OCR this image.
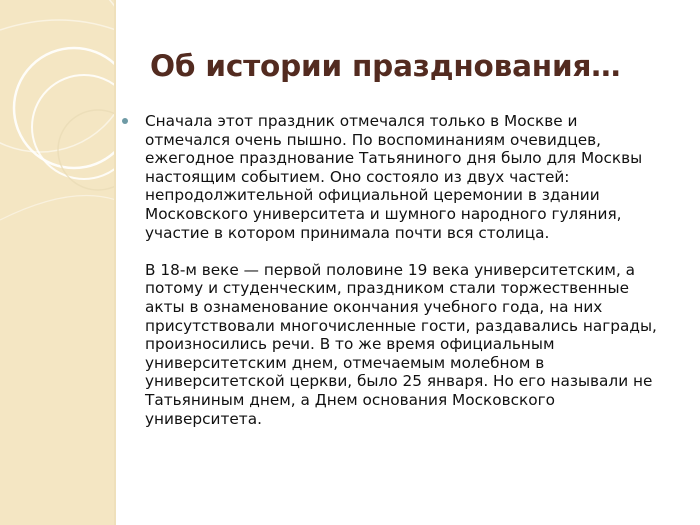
Об истории празднования…

Сначала этот праздник отмечался только в Москве и
отмечался очень пышно. По воспоминаниям очевидцев,
ежегодное празднование Татьяниного дня было для Москвы
настоящим событием. Оно состояло из двух частей:
непродолжительной официальной церемонии в здании
Московского университета и шумного народного гуляния,
участие в котором принимала почти вся столица.

В 18-м веке — первой половине 19 века университетским, а
потому и студенческим, праздником стали торжественные
акты в ознаменование окончания учебного года, на них
присутствовали многочисленные гости, раздавались награды,
произносились речи. В то же время официальным
университетским днем, отмечаемым молебном в
университетской церкви, было 25 января. Но его называли не
Татьяниным днем, а Днем основания Московского
университета.
